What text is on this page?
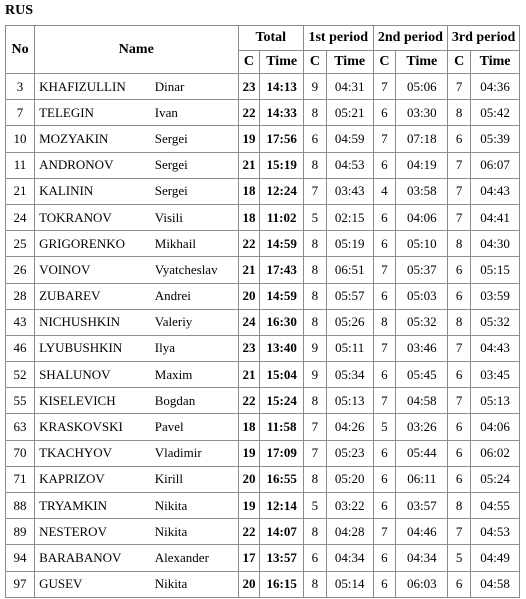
RUS
No	Name		Total		1st period		2nd period		3rd period	
			C	Time	C	Time	C	Time	C	Time
3	KHAFIZULLIN	Dinar	23	14:13	9	04:31	7	05:06	7	04:36
7	TELEGIN	Ivan	22	14:33	8	05:21	6	03:30	8	05:42
10	MOZYAKIN	Sergei	19	17:56	6	04:59	7	07:18	6	05:39
11	ANDRONOV	Sergei	21	15:19	8	04:53	6	04:19	7	06:07
21	KALININ	Sergei	18	12:24	7	03:43	4	03:58	7	04:43
24	TOKRANOV	Visili	18	11:02	5	02:15	6	04:06	7	04:41
25	GRIGORENKO	Mikhail	22	14:59	8	05:19	6	05:10	8	04:30
26	VOINOV	Vyatcheslav	21	17:43	8	06:51	7	05:37	6	05:15
28	ZUBAREV	Andrei	20	14:59	8	05:57	6	05:03	6	03:59
43	NICHUSHKIN	Valeriy	24	16:30	8	05:26	8	05:32	8	05:32
46	LYUBUSHKIN	Ilya	23	13:40	9	05:11	7	03:46	7	04:43
52	SHALUNOV	Maxim	21	15:04	9	05:34	6	05:45	6	03:45
55	KISELEVICH	Bogdan	22	15:24	8	05:13	7	04:58	7	05:13
63	KRASKOVSKI	Pavel	18	11:58	7	04:26	5	03:26	6	04:06
70	TKACHYOV	Vladimir	19	17:09	7	05:23	6	05:44	6	06:02
71	KAPRIZOV	Kirill	20	16:55	8	05:20	6	06:11	6	05:24
88	TRYAMKIN	Nikita	19	12:14	5	03:22	6	03:57	8	04:55
89	NESTEROV	Nikita	22	14:07	8	04:28	7	04:46	7	04:53
94	BARABANOV	Alexander	17	13:57	6	04:34	6	04:34	5	04:49
97	GUSEV	Nikita	20	16:15	8	05:14	6	06:03	6	04:58
